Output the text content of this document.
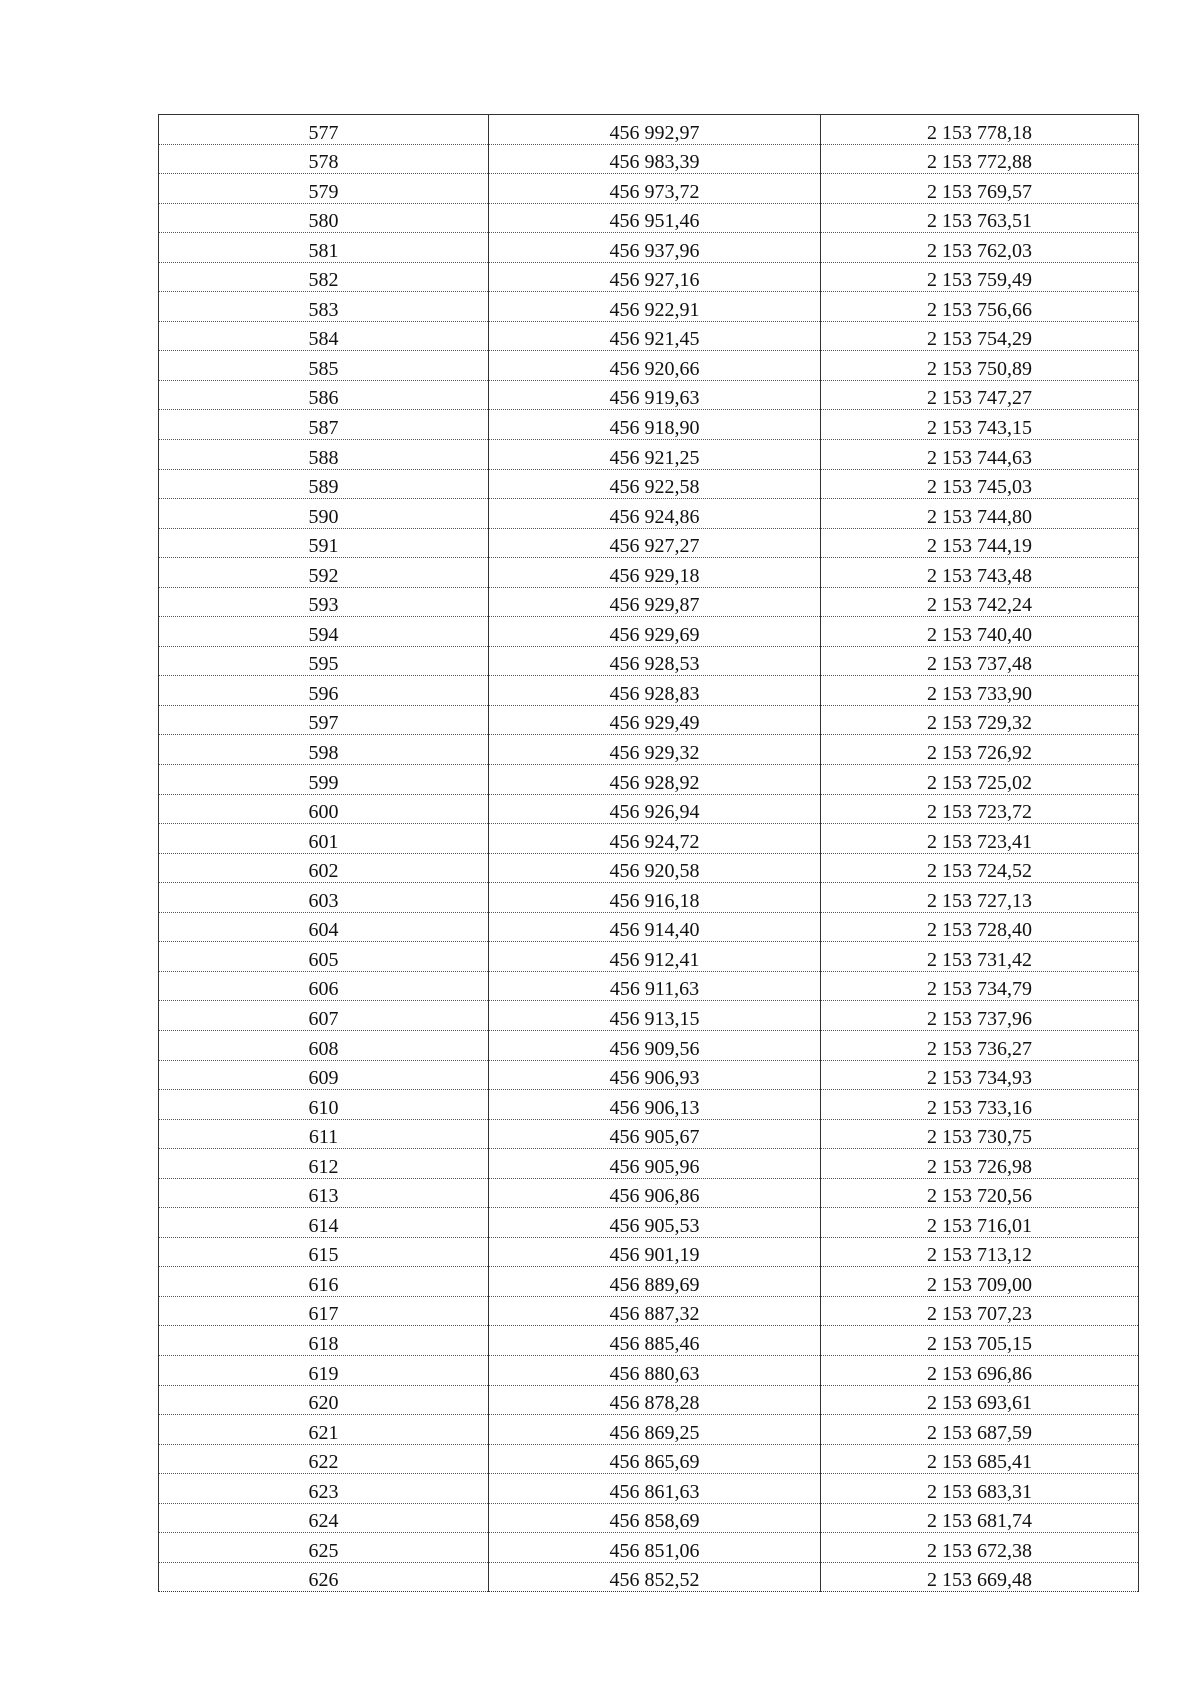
577	456 992,97	2 153 778,18
578	456 983,39	2 153 772,88
579	456 973,72	2 153 769,57
580	456 951,46	2 153 763,51
581	456 937,96	2 153 762,03
582	456 927,16	2 153 759,49
583	456 922,91	2 153 756,66
584	456 921,45	2 153 754,29
585	456 920,66	2 153 750,89
586	456 919,63	2 153 747,27
587	456 918,90	2 153 743,15
588	456 921,25	2 153 744,63
589	456 922,58	2 153 745,03
590	456 924,86	2 153 744,80
591	456 927,27	2 153 744,19
592	456 929,18	2 153 743,48
593	456 929,87	2 153 742,24
594	456 929,69	2 153 740,40
595	456 928,53	2 153 737,48
596	456 928,83	2 153 733,90
597	456 929,49	2 153 729,32
598	456 929,32	2 153 726,92
599	456 928,92	2 153 725,02
600	456 926,94	2 153 723,72
601	456 924,72	2 153 723,41
602	456 920,58	2 153 724,52
603	456 916,18	2 153 727,13
604	456 914,40	2 153 728,40
605	456 912,41	2 153 731,42
606	456 911,63	2 153 734,79
607	456 913,15	2 153 737,96
608	456 909,56	2 153 736,27
609	456 906,93	2 153 734,93
610	456 906,13	2 153 733,16
611	456 905,67	2 153 730,75
612	456 905,96	2 153 726,98
613	456 906,86	2 153 720,56
614	456 905,53	2 153 716,01
615	456 901,19	2 153 713,12
616	456 889,69	2 153 709,00
617	456 887,32	2 153 707,23
618	456 885,46	2 153 705,15
619	456 880,63	2 153 696,86
620	456 878,28	2 153 693,61
621	456 869,25	2 153 687,59
622	456 865,69	2 153 685,41
623	456 861,63	2 153 683,31
624	456 858,69	2 153 681,74
625	456 851,06	2 153 672,38
626	456 852,52	2 153 669,48
